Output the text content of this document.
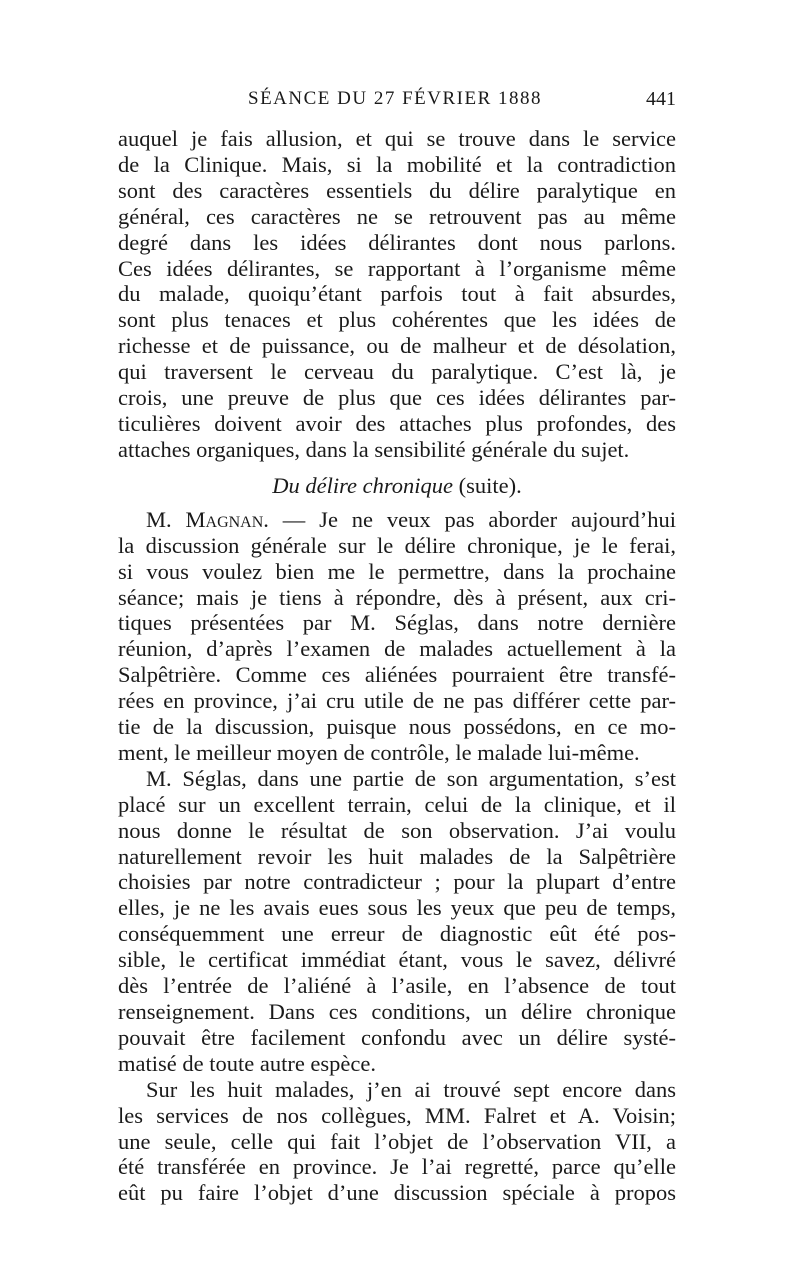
SÉANCE DU 27 FÉVRIER 1888	441
auquel je fais allusion, et qui se trouve dans le service
de la Clinique. Mais, si la mobilité et la contradiction
sont des caractères essentiels du délire paralytique en
général, ces caractères ne se retrouvent pas au même
degré dans les idées délirantes dont nous parlons.
Ces idées délirantes, se rapportant à l’organisme même
du malade, quoiqu’étant parfois tout à fait absurdes,
sont plus tenaces et plus cohérentes que les idées de
richesse et de puissance, ou de malheur et de désolation,
qui traversent le cerveau du paralytique. C’est là, je
crois, une preuve de plus que ces idées délirantes par-
ticulières doivent avoir des attaches plus profondes, des
attaches organiques, dans la sensibilité générale du sujet.
Du délire chronique (suite).
M. Magnan. — Je ne veux pas aborder aujourd’hui
la discussion générale sur le délire chronique, je le ferai,
si vous voulez bien me le permettre, dans la prochaine
séance; mais je tiens à répondre, dès à présent, aux cri-
tiques présentées par M. Séglas, dans notre dernière
réunion, d’après l’examen de malades actuellement à la
Salpêtrière. Comme ces aliénées pourraient être transfé-
rées en province, j’ai cru utile de ne pas différer cette par-
tie de la discussion, puisque nous possédons, en ce mo-
ment, le meilleur moyen de contrôle, le malade lui-même.
M. Séglas, dans une partie de son argumentation, s’est
placé sur un excellent terrain, celui de la clinique, et il
nous donne le résultat de son observation. J’ai voulu
naturellement revoir les huit malades de la Salpêtrière
choisies par notre contradicteur ; pour la plupart d’entre
elles, je ne les avais eues sous les yeux que peu de temps,
conséquemment une erreur de diagnostic eût été pos-
sible, le certificat immédiat étant, vous le savez, délivré
dès l’entrée de l’aliéné à l’asile, en l’absence de tout
renseignement. Dans ces conditions, un délire chronique
pouvait être facilement confondu avec un délire systé-
matisé de toute autre espèce.
Sur les huit malades, j’en ai trouvé sept encore dans
les services de nos collègues, MM. Falret et A. Voisin;
une seule, celle qui fait l’objet de l’observation VII, a
été transférée en province. Je l’ai regretté, parce qu’elle
eût pu faire l’objet d’une discussion spéciale à propos
